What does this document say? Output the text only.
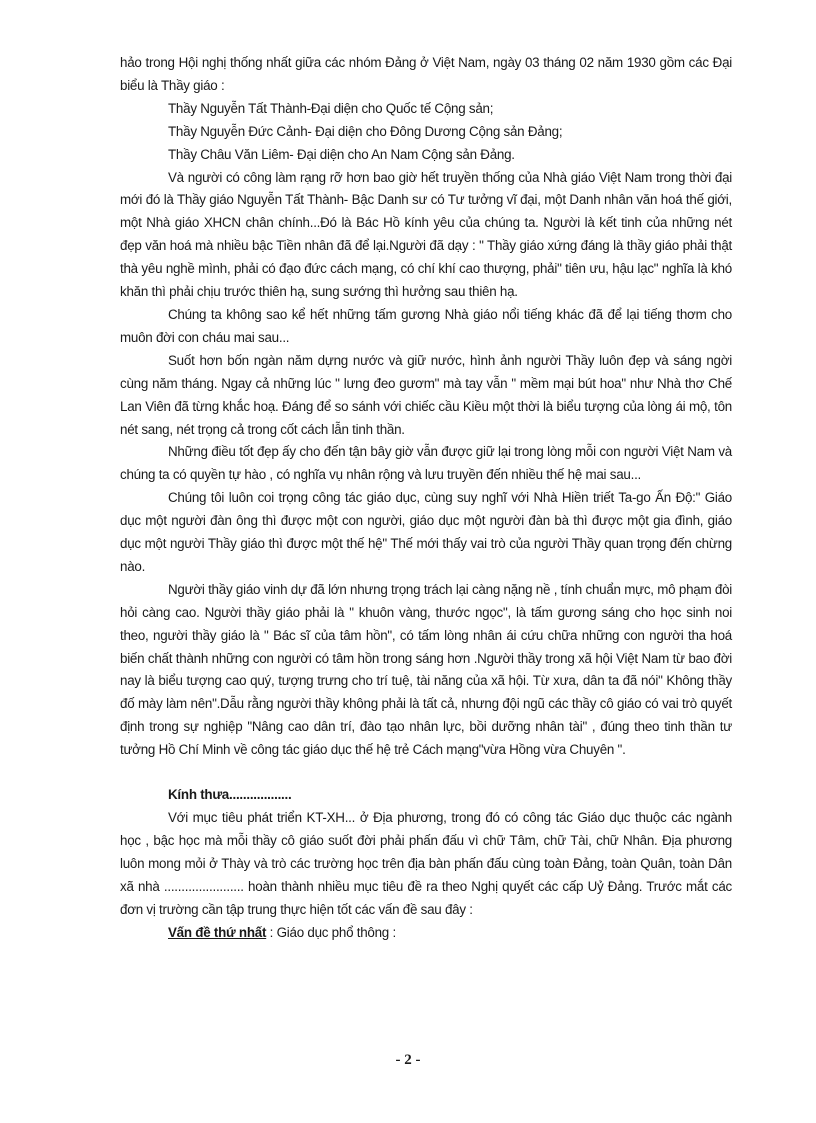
hảo trong Hội nghị thống nhất giữa các nhóm Đảng ở Việt Nam, ngày 03 tháng 02 năm 1930 gồm các Đại biểu là Thầy giáo :

Thầy Nguyễn Tất Thành-Đại diện cho Quốc tế Cộng sản;

Thầy Nguyễn Đức Cảnh- Đại diện cho Đông Dương Cộng sản Đảng;

Thầy Châu Văn Liêm- Đại diện cho An Nam Cộng sản Đảng.

Và người có công làm rạng rỡ hơn bao giờ hết truyền thống của Nhà giáo Việt Nam trong thời đại mới đó là Thầy giáo Nguyễn Tất Thành- Bậc Danh sư có Tư tưởng vĩ đại, một Danh nhân văn hoá thế giới, một Nhà giáo XHCN chân chính...Đó là Bác Hồ kính yêu của chúng ta. Người là kết tinh của những nét đẹp văn hoá mà nhiều bậc Tiền nhân đã để lại.Người đã dạy : " Thầy giáo xứng đáng là thầy giáo phải thật thà yêu nghề mình, phải có đạo đức cách mạng, có chí khí cao thượng, phải" tiên ưu, hậu lạc" nghĩa là khó khăn thì phải chịu trước thiên hạ, sung sướng thì hưởng sau thiên hạ.

Chúng ta không sao kể hết những tấm gương Nhà giáo nổi tiếng khác đã để lại tiếng thơm cho muôn đời con cháu mai sau...

Suốt hơn bốn ngàn năm dựng nước và giữ nước, hình ảnh người Thầy luôn đẹp và sáng ngời cùng năm tháng. Ngay cả những lúc " lưng đeo gươm" mà tay vẫn " mềm mại bút hoa" như Nhà thơ Chế Lan Viên đã từng khắc hoạ. Đáng để so sánh với chiếc cầu Kiều một thời là biểu tượng của lòng ái mộ, tôn nét sang, nét trọng cả trong cốt cách lẫn tinh thần.

Những điều tốt đẹp ấy cho đến tận bây giờ vẫn được giữ lại trong lòng mỗi con người Việt Nam và chúng ta có quyền tự hào , có nghĩa vụ nhân rộng và lưu truyền đến nhiều thế hệ mai sau...

Chúng tôi luôn coi trọng công tác giáo dục, cùng suy nghĩ với Nhà Hiền triết Ta-go Ấn Độ:" Giáo dục một người đàn ông thì được một con người, giáo dục một người đàn bà thì được một gia đình, giáo dục một người Thầy giáo thì được một thế hệ" Thế mới thấy vai trò của người Thầy quan trọng đến chừng nào.

Người thầy giáo vinh dự đã lớn nhưng trọng trách lại càng nặng nề , tính chuẩn mực, mô phạm đòi hỏi càng cao. Người thầy giáo phải là " khuôn vàng, thước ngọc", là tấm gương sáng cho học sinh noi theo, người thầy giáo là " Bác sĩ của tâm hồn", có tấm lòng nhân ái cứu chữa những con người tha hoá biến chất thành những con người có tâm hồn trong sáng hơn .Người thầy trong xã hội Việt Nam từ bao đời nay là biểu tượng cao quý, tượng trưng cho trí tuệ, tài năng của xã hội. Từ xưa, dân ta đã nói" Không thầy đố mày làm nên".Dẫu rằng người thầy không phải là tất cả, nhưng đội ngũ các thầy cô giáo có vai trò quyết định trong sự nghiệp "Nâng cao dân trí, đào tạo nhân lực, bồi dưỡng nhân tài" , đúng theo tinh thần tư tưởng Hồ Chí Minh về công tác giáo dục thế hệ trẻ Cách mạng"vừa Hồng vừa Chuyên ".

Kính thưa..................

Với mục tiêu phát triển KT-XH... ở Địa phương, trong đó có công tác Giáo dục thuộc các ngành học , bậc học mà mỗi thầy cô giáo suốt đời phải phấn đấu vì chữ Tâm, chữ Tài, chữ Nhân. Địa phương luôn mong mỏi ở Thày và trò các trường học trên địa bàn phấn đấu cùng toàn Đảng, toàn Quân, toàn Dân xã nhà ....................... hoàn thành nhiều mục tiêu đề ra theo Nghị quyết các cấp Uỷ Đảng. Trước mắt các đơn vị trường cần tập trung thực hiện tốt các vấn đề sau đây :

Vấn đề thứ nhất : Giáo dục phổ thông :

- 2 -
